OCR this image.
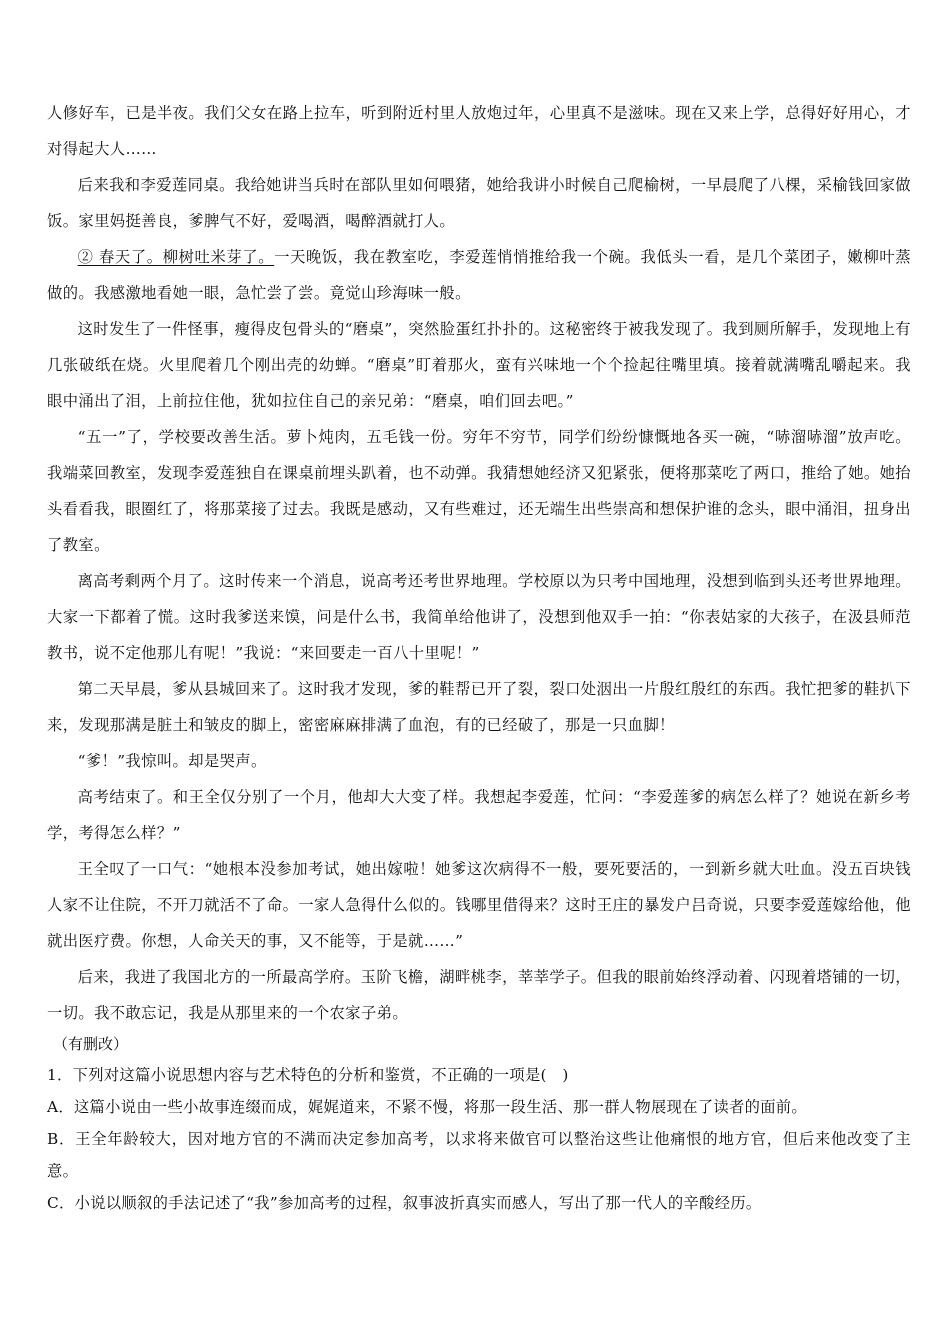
人修好车，已是半夜。我们父女在路上拉车，听到附近村里人放炮过年，心里真不是滋味。现在又来上学，总得好好用心，才对得起大人……

后来我和李爱莲同桌。我给她讲当兵时在部队里如何喂猪，她给我讲小时候自己爬榆树，一早晨爬了八棵，采榆钱回家做饭。家里妈挺善良，爹脾气不好，爱喝酒，喝醉酒就打人。

② 春天了。柳树吐米芽了。一天晚饭，我在教室吃，李爱莲悄悄推给我一个碗。我低头一看，是几个菜团子，嫩柳叶蒸做的。我感激地看她一眼，急忙尝了尝。竟觉山珍海味一般。

这时发生了一件怪事，瘦得皮包骨头的“磨桌”，突然脸蛋红扑扑的。这秘密终于被我发现了。我到厕所解手，发现地上有几张破纸在烧。火里爬着几个刚出壳的幼蝉。“磨桌”盯着那火，蛮有兴味地一个个捡起往嘴里填。接着就满嘴乱嚼起来。我眼中涌出了泪，上前拉住他，犹如拉住自己的亲兄弟：“磨桌，咱们回去吧。”

“五一”了，学校要改善生活。萝卜炖肉，五毛钱一份。穷年不穷节，同学们纷纷慷慨地各买一碗，“哧溜哧溜”放声吃。我端菜回教室，发现李爱莲独自在课桌前埋头趴着，也不动弹。我猜想她经济又犯紧张，便将那菜吃了两口，推给了她。她抬头看看我，眼圈红了，将那菜接了过去。我既是感动，又有些难过，还无端生出些崇高和想保护谁的念头，眼中涌泪，扭身出了教室。

离高考剩两个月了。这时传来一个消息，说高考还考世界地理。学校原以为只考中国地理，没想到临到头还考世界地理。大家一下都着了慌。这时我爹送来馍，问是什么书，我简单给他讲了，没想到他双手一拍：“你表姑家的大孩子，在汲县师范教书，说不定他那儿有呢！”我说：“来回要走一百八十里呢！”

第二天早晨，爹从县城回来了。这时我才发现，爹的鞋帮已开了裂，裂口处洇出一片殷红殷红的东西。我忙把爹的鞋扒下来，发现那满是脏土和皱皮的脚上，密密麻麻排满了血泡，有的已经破了，那是一只血脚！

“爹！”我惊叫。却是哭声。

高考结束了。和王全仅分别了一个月，他却大大变了样。我想起李爱莲，忙问：“李爱莲爹的病怎么样了？她说在新乡考学，考得怎么样？”

王全叹了一口气：“她根本没参加考试，她出嫁啦！她爹这次病得不一般，要死要活的，一到新乡就大吐血。没五百块钱人家不让住院，不开刀就活不了命。一家人急得什么似的。钱哪里借得来？这时王庄的暴发户吕奇说，只要李爱莲嫁给他，他就出医疗费。你想，人命关天的事，又不能等，于是就……”

后来，我进了我国北方的一所最高学府。玉阶飞檐，湖畔桃李，莘莘学子。但我的眼前始终浮动着、闪现着塔铺的一切，一切。我不敢忘记，我是从那里来的一个农家子弟。

（有删改）

1．下列对这篇小说思想内容与艺术特色的分析和鉴赏，不正确的一项是(　)

A．这篇小说由一些小故事连缀而成，娓娓道来，不紧不慢，将那一段生活、那一群人物展现在了读者的面前。

B．王全年龄较大，因对地方官的不满而决定参加高考，以求将来做官可以整治这些让他痛恨的地方官，但后来他改变了主意。

C．小说以顺叙的手法记述了“我”参加高考的过程，叙事波折真实而感人，写出了那一代人的辛酸经历。
